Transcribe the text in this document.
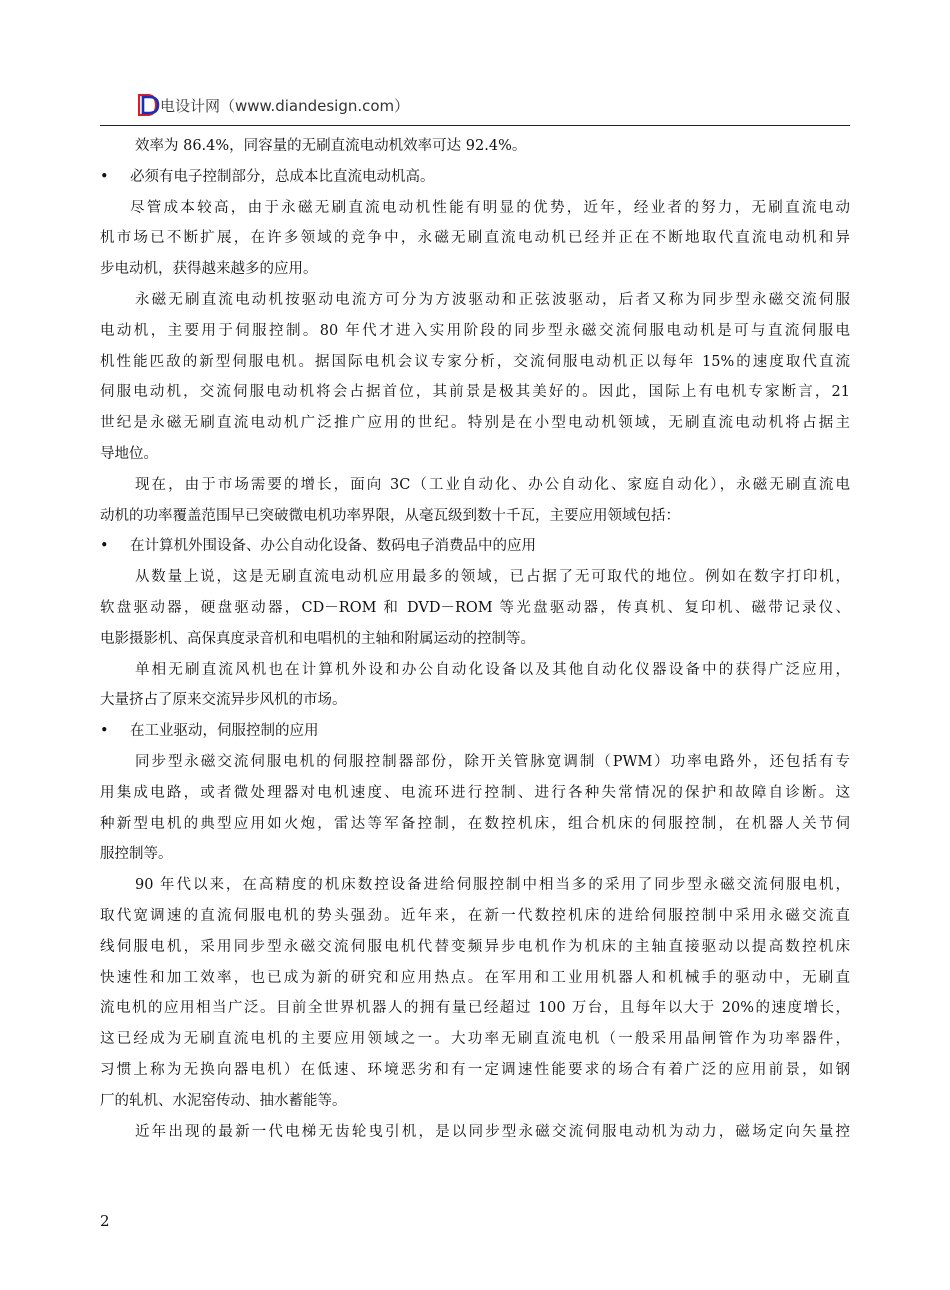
电设计网（www.diandesign.com）
效率为 86.4%，同容量的无刷直流电动机效率可达 92.4%。
• 必须有电子控制部分，总成本比直流电动机高。
尽管成本较高，由于永磁无刷直流电动机性能有明显的优势，近年，经业者的努力，无刷直流电动
机市场已不断扩展，在许多领域的竞争中，永磁无刷直流电动机已经并正在不断地取代直流电动机和异
步电动机，获得越来越多的应用。
永磁无刷直流电动机按驱动电流方可分为方波驱动和正弦波驱动，后者又称为同步型永磁交流伺服
电动机，主要用于伺服控制。80 年代才进入实用阶段的同步型永磁交流伺服电动机是可与直流伺服电
机性能匹敌的新型伺服电机。据国际电机会议专家分析，交流伺服电动机正以每年 15%的速度取代直流
伺服电动机，交流伺服电动机将会占据首位，其前景是极其美好的。因此，国际上有电机专家断言，21
世纪是永磁无刷直流电动机广泛推广应用的世纪。特别是在小型电动机领域，无刷直流电动机将占据主
导地位。
现在，由于市场需要的增长，面向 3C（工业自动化、办公自动化、家庭自动化），永磁无刷直流电
动机的功率覆盖范围早已突破微电机功率界限，从毫瓦级到数十千瓦，主要应用领域包括：
• 在计算机外围设备、办公自动化设备、数码电子消费品中的应用
从数量上说，这是无刷直流电动机应用最多的领域，已占据了无可取代的地位。例如在数字打印机，
软盘驱动器，硬盘驱动器，CD－ROM 和 DVD－ROM 等光盘驱动器，传真机、复印机、磁带记录仪、
电影摄影机、高保真度录音机和电唱机的主轴和附属运动的控制等。
单相无刷直流风机也在计算机外设和办公自动化设备以及其他自动化仪器设备中的获得广泛应用，
大量挤占了原来交流异步风机的市场。
• 在工业驱动，伺服控制的应用
同步型永磁交流伺服电机的伺服控制器部份，除开关管脉宽调制（PWM）功率电路外，还包括有专
用集成电路，或者微处理器对电机速度、电流环进行控制、进行各种失常情况的保护和故障自诊断。这
种新型电机的典型应用如火炮，雷达等军备控制，在数控机床，组合机床的伺服控制，在机器人关节伺
服控制等。
90 年代以来，在高精度的机床数控设备进给伺服控制中相当多的采用了同步型永磁交流伺服电机，
取代宽调速的直流伺服电机的势头强劲。近年来，在新一代数控机床的进给伺服控制中采用永磁交流直
线伺服电机，采用同步型永磁交流伺服电机代替变频异步电机作为机床的主轴直接驱动以提高数控机床
快速性和加工效率，也已成为新的研究和应用热点。在军用和工业用机器人和机械手的驱动中，无刷直
流电机的应用相当广泛。目前全世界机器人的拥有量已经超过 100 万台，且每年以大于 20%的速度增长，
这已经成为无刷直流电机的主要应用领域之一。大功率无刷直流电机（一般采用晶闸管作为功率器件，
习惯上称为无换向器电机）在低速、环境恶劣和有一定调速性能要求的场合有着广泛的应用前景，如钢
厂的轧机、水泥窑传动、抽水蓄能等。
近年出现的最新一代电梯无齿轮曳引机，是以同步型永磁交流伺服电动机为动力，磁场定向矢量控
2
